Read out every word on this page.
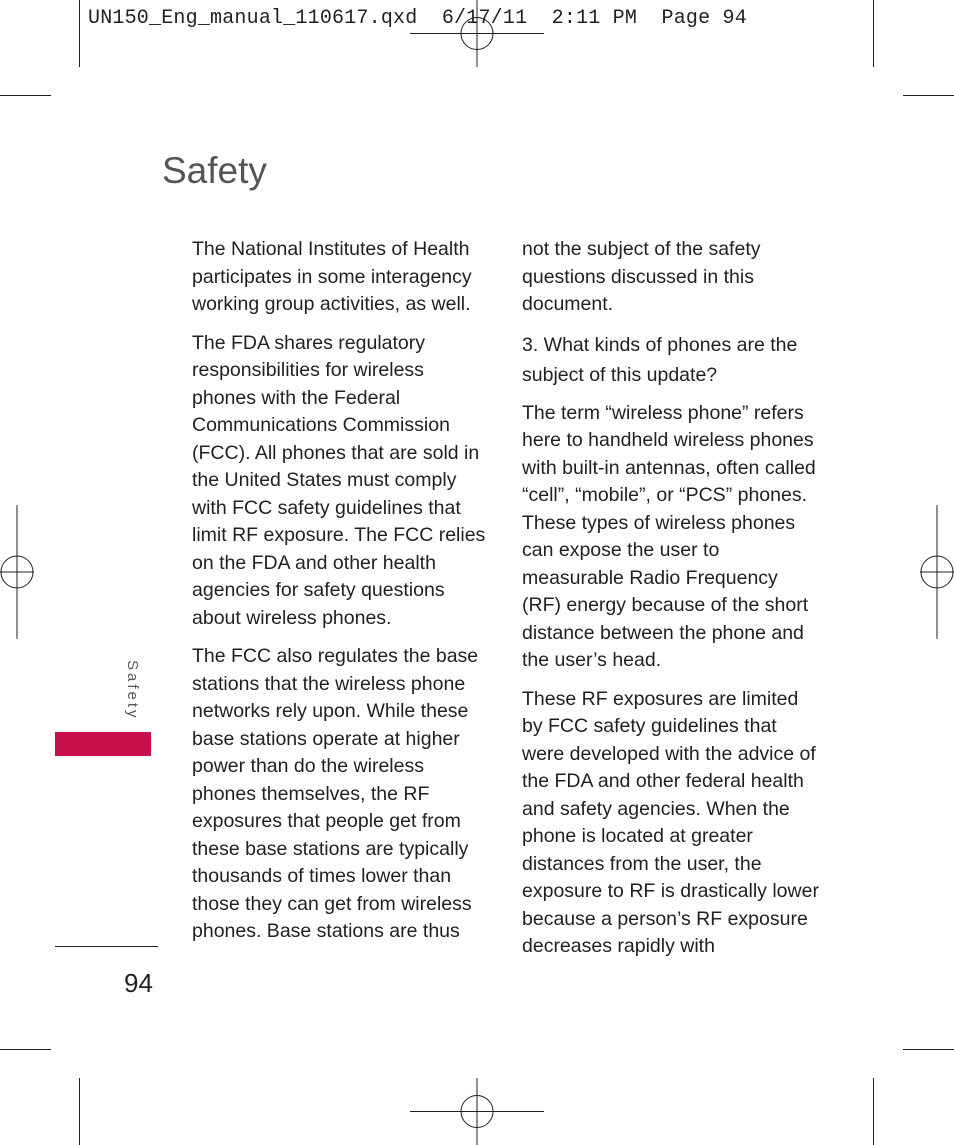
UN150_Eng_manual_110617.qxd  6/17/11  2:11 PM  Page 94
Safety

The National Institutes of Health participates in some interagency working group activities, as well.

The FDA shares regulatory responsibilities for wireless phones with the Federal Communications Commission (FCC). All phones that are sold in the United States must comply with FCC safety guidelines that limit RF exposure. The FCC relies on the FDA and other health agencies for safety questions about wireless phones.

The FCC also regulates the base stations that the wireless phone networks rely upon. While these base stations operate at higher power than do the wireless phones themselves, the RF exposures that people get from these base stations are typically thousands of times lower than those they can get from wireless phones. Base stations are thus

not the subject of the safety questions discussed in this document.

3. What kinds of phones are the subject of this update?

The term “wireless phone” refers here to handheld wireless phones with built-in antennas, often called “cell”, “mobile”, or “PCS” phones. These types of wireless phones can expose the user to measurable Radio Frequency (RF) energy because of the short distance between the phone and the user’s head.

These RF exposures are limited by FCC safety guidelines that were developed with the advice of the FDA and other federal health and safety agencies. When the phone is located at greater distances from the user, the exposure to RF is drastically lower because a person’s RF exposure decreases rapidly with

Safety
94
